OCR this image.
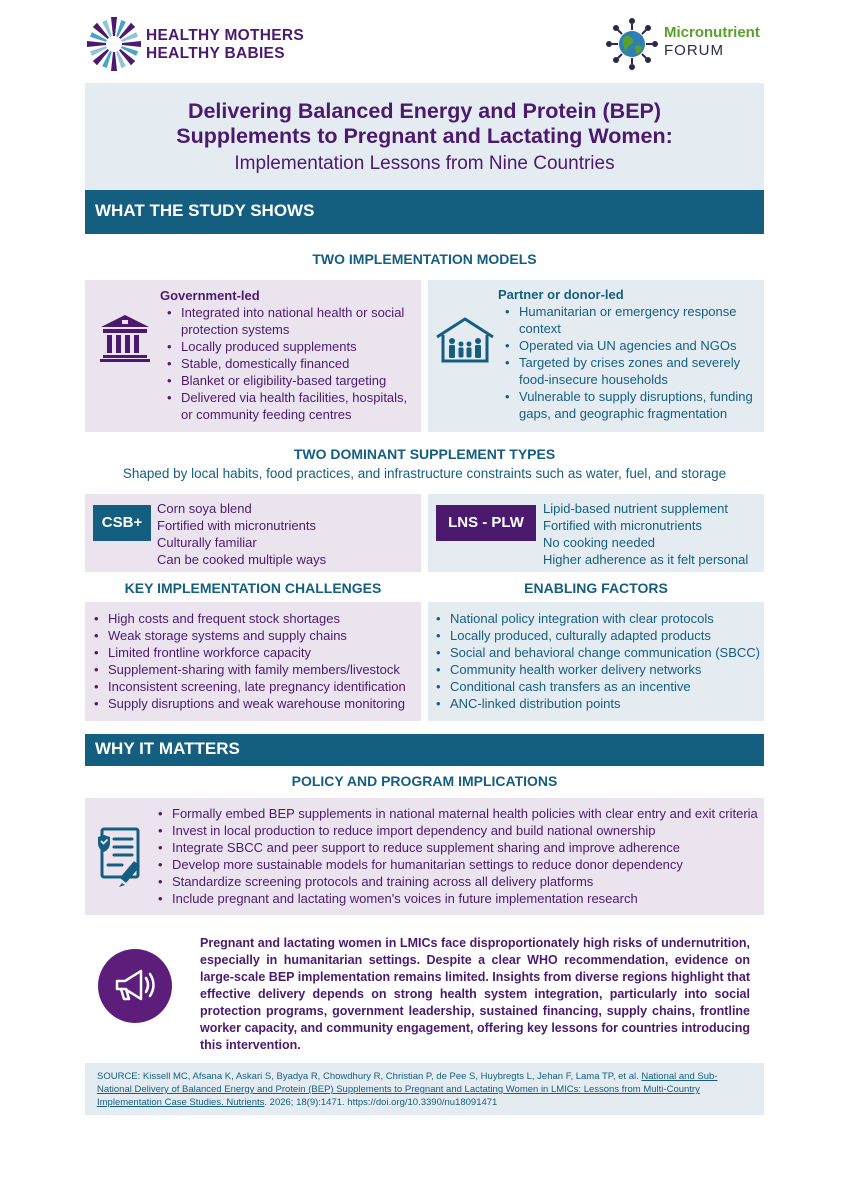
HEALTHY MOTHERS
HEALTHY BABIES
Micronutrient
FORUM
Delivering Balanced Energy and Protein (BEP)
Supplements to Pregnant and Lactating Women:
Implementation Lessons from Nine Countries
WHAT THE STUDY SHOWS
TWO IMPLEMENTATION MODELS
Government-led
• Integrated into national health or social protection systems
• Locally produced supplements
• Stable, domestically financed
• Blanket or eligibility-based targeting
• Delivered via health facilities, hospitals, or community feeding centres
Partner or donor-led
• Humanitarian or emergency response context
• Operated via UN agencies and NGOs
• Targeted by crises zones and severely food-insecure households
• Vulnerable to supply disruptions, funding gaps, and geographic fragmentation
TWO DOMINANT SUPPLEMENT TYPES
Shaped by local habits, food practices, and infrastructure constraints such as water, fuel, and storage
CSB+
Corn soya blend
Fortified with micronutrients
Culturally familiar
Can be cooked multiple ways
LNS - PLW
Lipid-based nutrient supplement
Fortified with micronutrients
No cooking needed
Higher adherence as it felt personal
KEY IMPLEMENTATION CHALLENGES	ENABLING FACTORS
• High costs and frequent stock shortages
• Weak storage systems and supply chains
• Limited frontline workforce capacity
• Supplement-sharing with family members/livestock
• Inconsistent screening, late pregnancy identification
• Supply disruptions and weak warehouse monitoring
• National policy integration with clear protocols
• Locally produced, culturally adapted products
• Social and behavioral change communication (SBCC)
• Community health worker delivery networks
• Conditional cash transfers as an incentive
• ANC-linked distribution points
WHY IT MATTERS
POLICY AND PROGRAM IMPLICATIONS
• Formally embed BEP supplements in national maternal health policies with clear entry and exit criteria
• Invest in local production to reduce import dependency and build national ownership
• Integrate SBCC and peer support to reduce supplement sharing and improve adherence
• Develop more sustainable models for humanitarian settings to reduce donor dependency
• Standardize screening protocols and training across all delivery platforms
• Include pregnant and lactating women's voices in future implementation research
Pregnant and lactating women in LMICs face disproportionately high risks of undernutrition, especially in humanitarian settings. Despite a clear WHO recommendation, evidence on large-scale BEP implementation remains limited. Insights from diverse regions highlight that effective delivery depends on strong health system integration, particularly into social protection programs, government leadership, sustained financing, supply chains, frontline worker capacity, and community engagement, offering key lessons for countries introducing this intervention.
SOURCE: Kissell MC, Afsana K, Askari S, Byadya R, Chowdhury R, Christian P, de Pee S, Huybregts L, Jehan F, Lama TP, et al. National and Sub-National Delivery of Balanced Energy and Protein (BEP) Supplements to Pregnant and Lactating Women in LMICs: Lessons from Multi-Country Implementation Case Studies. Nutrients. 2026; 18(9):1471. https://doi.org/10.3390/nu18091471
